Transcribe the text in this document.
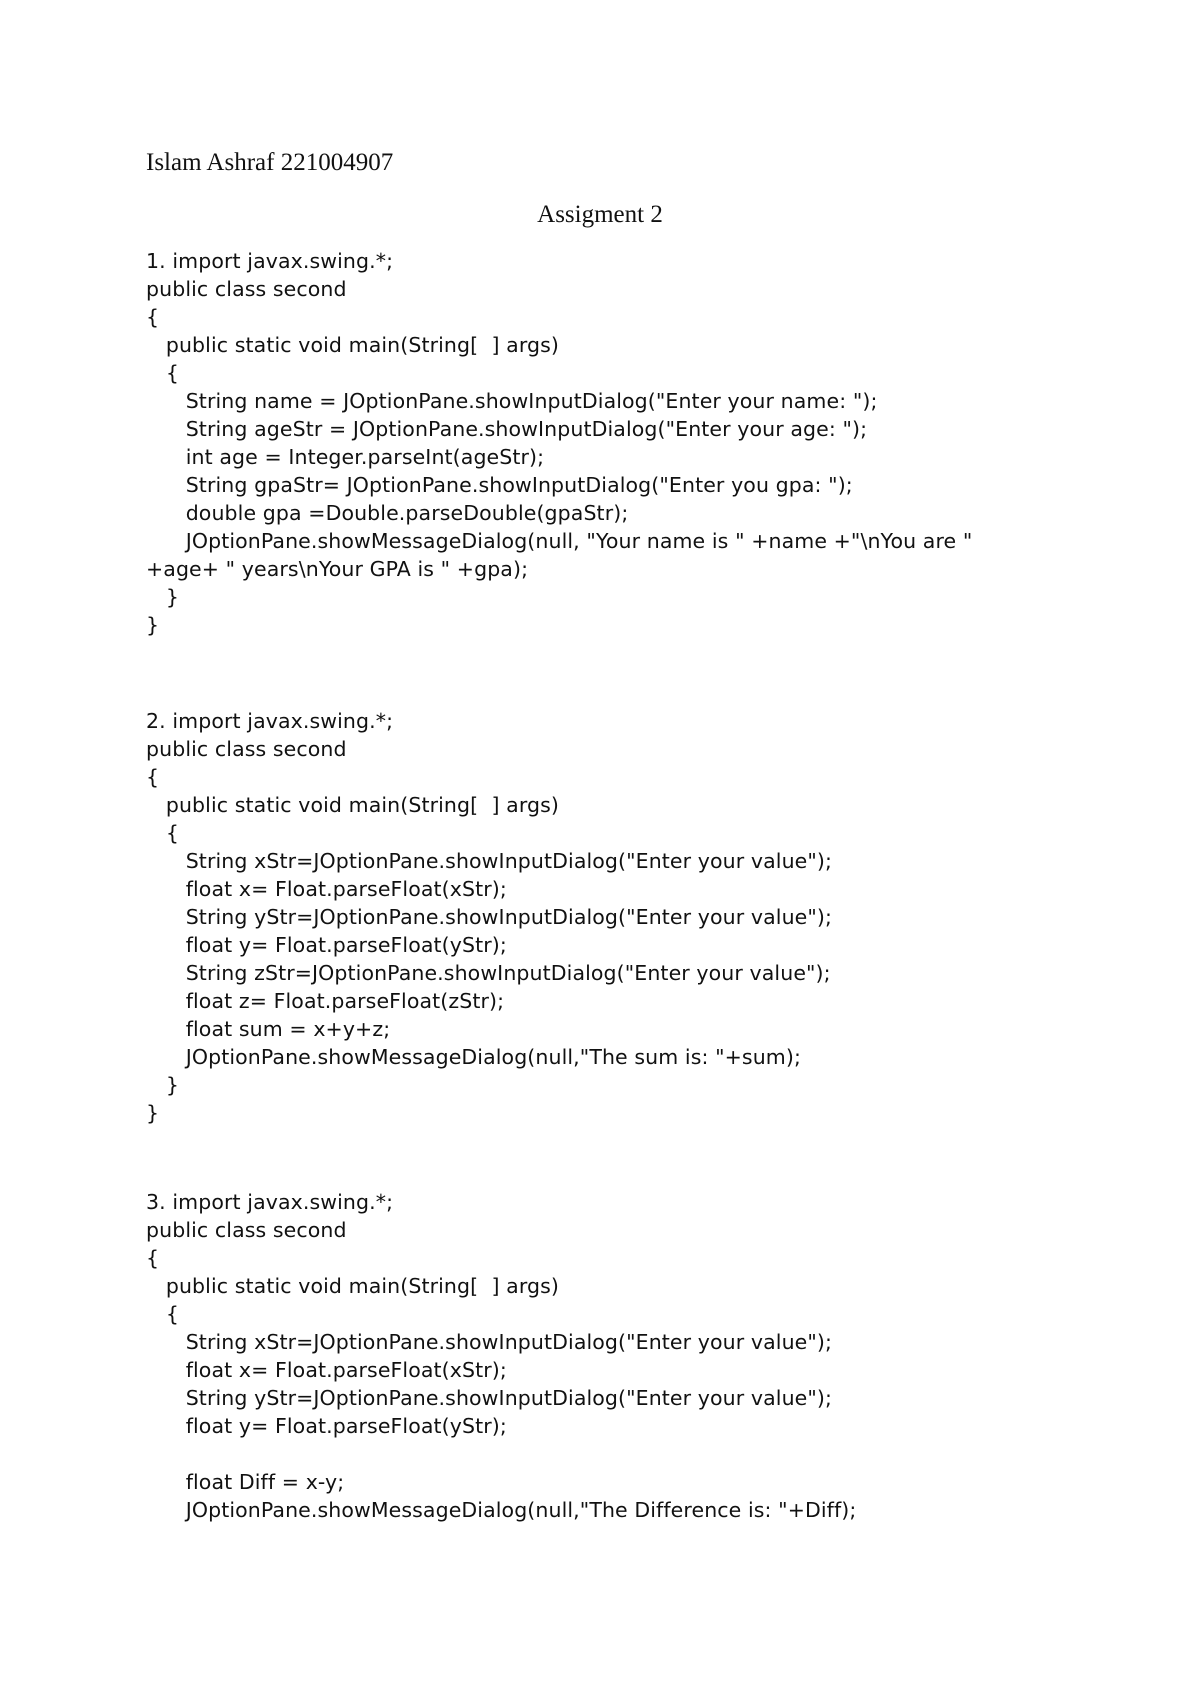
Islam Ashraf 221004907
Assigment 2
1. import javax.swing.*;
public class second
{
public static void main(String[  ] args)
{
String name = JOptionPane.showInputDialog("Enter your name: ");
String ageStr = JOptionPane.showInputDialog("Enter your age: ");
int age = Integer.parseInt(ageStr);
String gpaStr= JOptionPane.showInputDialog("Enter you gpa: ");
double gpa =Double.parseDouble(gpaStr);
JOptionPane.showMessageDialog(null, "Your name is " +name +"\nYou are "
+age+ " years\nYour GPA is " +gpa);
}
}
2. import javax.swing.*;
public class second
{
public static void main(String[  ] args)
{
String xStr=JOptionPane.showInputDialog("Enter your value");
float x= Float.parseFloat(xStr);
String yStr=JOptionPane.showInputDialog("Enter your value");
float y= Float.parseFloat(yStr);
String zStr=JOptionPane.showInputDialog("Enter your value");
float z= Float.parseFloat(zStr);
float sum = x+y+z;
JOptionPane.showMessageDialog(null,"The sum is: "+sum);
}
}
3. import javax.swing.*;
public class second
{
public static void main(String[  ] args)
{
String xStr=JOptionPane.showInputDialog("Enter your value");
float x= Float.parseFloat(xStr);
String yStr=JOptionPane.showInputDialog("Enter your value");
float y= Float.parseFloat(yStr);
float Diff = x-y;
JOptionPane.showMessageDialog(null,"The Difference is: "+Diff);
